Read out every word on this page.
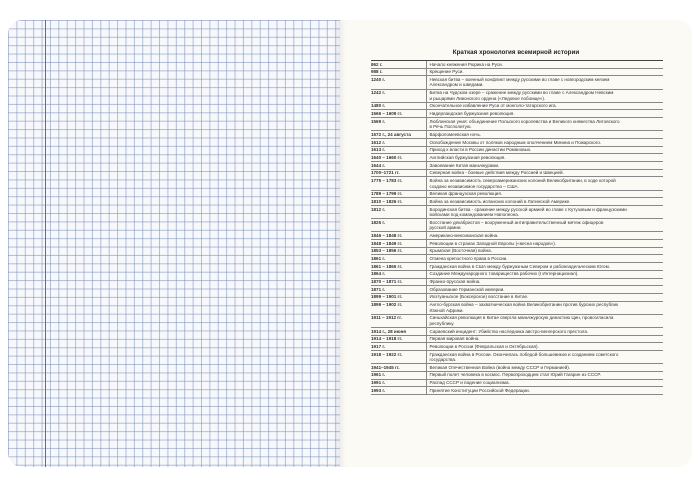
Краткая хронология всемирной истории
862 г.	Начало княжения Рюрика на Руси.
988 г.	Крещение Руси.
1240 г.	Невская битва – военный конфликт между русскими во главе с новгородским князем
Александром и шведами.
1242 г.	Битва на Чудском озере – сражение между русскими во главе с Александром Невским
и рыцарями Ливонского ордена («Ледовое побоище»).
1480 г.	Окончательное избавление Руси от монголо-татарского ига.
1566 – 1609 гг.	Нидерландская буржуазная революция.
1569 г.	Люблинская уния: объединение Польского королевства и Великого княжества Литовского
в Речь Посполитую.
1572 г., 24 августа	Варфоломеевская ночь.
1612 г.	Освобождение Москвы от поляков народным ополчением Минина и Пожарского.
1613 г.	Приход к власти в России династии Романовых.
1640 – 1660 гг.	Английская буржуазная революция.
1644 г.	Завоевание Китая маньчжурами.
1700–1721 гг.	Северная война - боевые действия между Россией и Швецией.
1775 – 1783 гг.	Война за независимость североамериканских колоний Великобритании, в ходе которой
создано независимое государство – США.
1789 – 1799 гг.	Великая французская революция.
1810 – 1826 гг.	Война за независимость испанских колоний в Латинской Америке.
1812 г.	Бородинская битва - сражение между русской армией во главе с Кутузовым и французскими
войсками под командованием Наполеона.
1825 г.	Восстание декабристов – вооруженный антиправительственный мятеж офицеров
русской армии.
1846 – 1848 гг.	Американо-мексиканская война.
1848 – 1849 гг.	Революции в странах Западной Европы («весна народов»).
1853 – 1856 гг.	Крымская (Восточная) война.
1861 г.	Отмена крепостного права в России.
1861 – 1865 гг.	Гражданская война в США между буржуазным Севером и рабовладельческим Югом.
1864 г.	Создание Международного товарищества рабочих (I Интернационал).
1870 – 1871 гг.	Франко-прусская война.
1871 г.	Образование Германской империи.
1899 – 1901 гг.	Ихэтуаньское (Боксерское) восстание в Китае.
1899 – 1902 гг.	Англо-бурская война – захватническая война Великобритании против бурских республик
Южной Африки.
1911 – 1912 гг.	Синьхайская революция в Китае свергла маньчжурскую династию Цин, провозгласила
республику.
1914 г., 28 июня	Сараевский инцидент: Убийство наследника австро-венгерского престола.
1914 – 1918 гг.	Первая мировая война.
1917 г.	Революции в России (Февральская и Октябрьская).
1918 – 1922 гг.	Гражданская война в России. Окончилась победой большевиков и созданием советского
государства.
1941–1945 гг.	Великая Отечественная Война (война между СССР и Германией).
1961 г.	Первый полет человека в космос. Первопроходцем стал Юрий Гагарин из СССР.
1991 г.	Распад СССР и падение социализма.
1993 г.	Принятие Конституции Российской Федерации.
